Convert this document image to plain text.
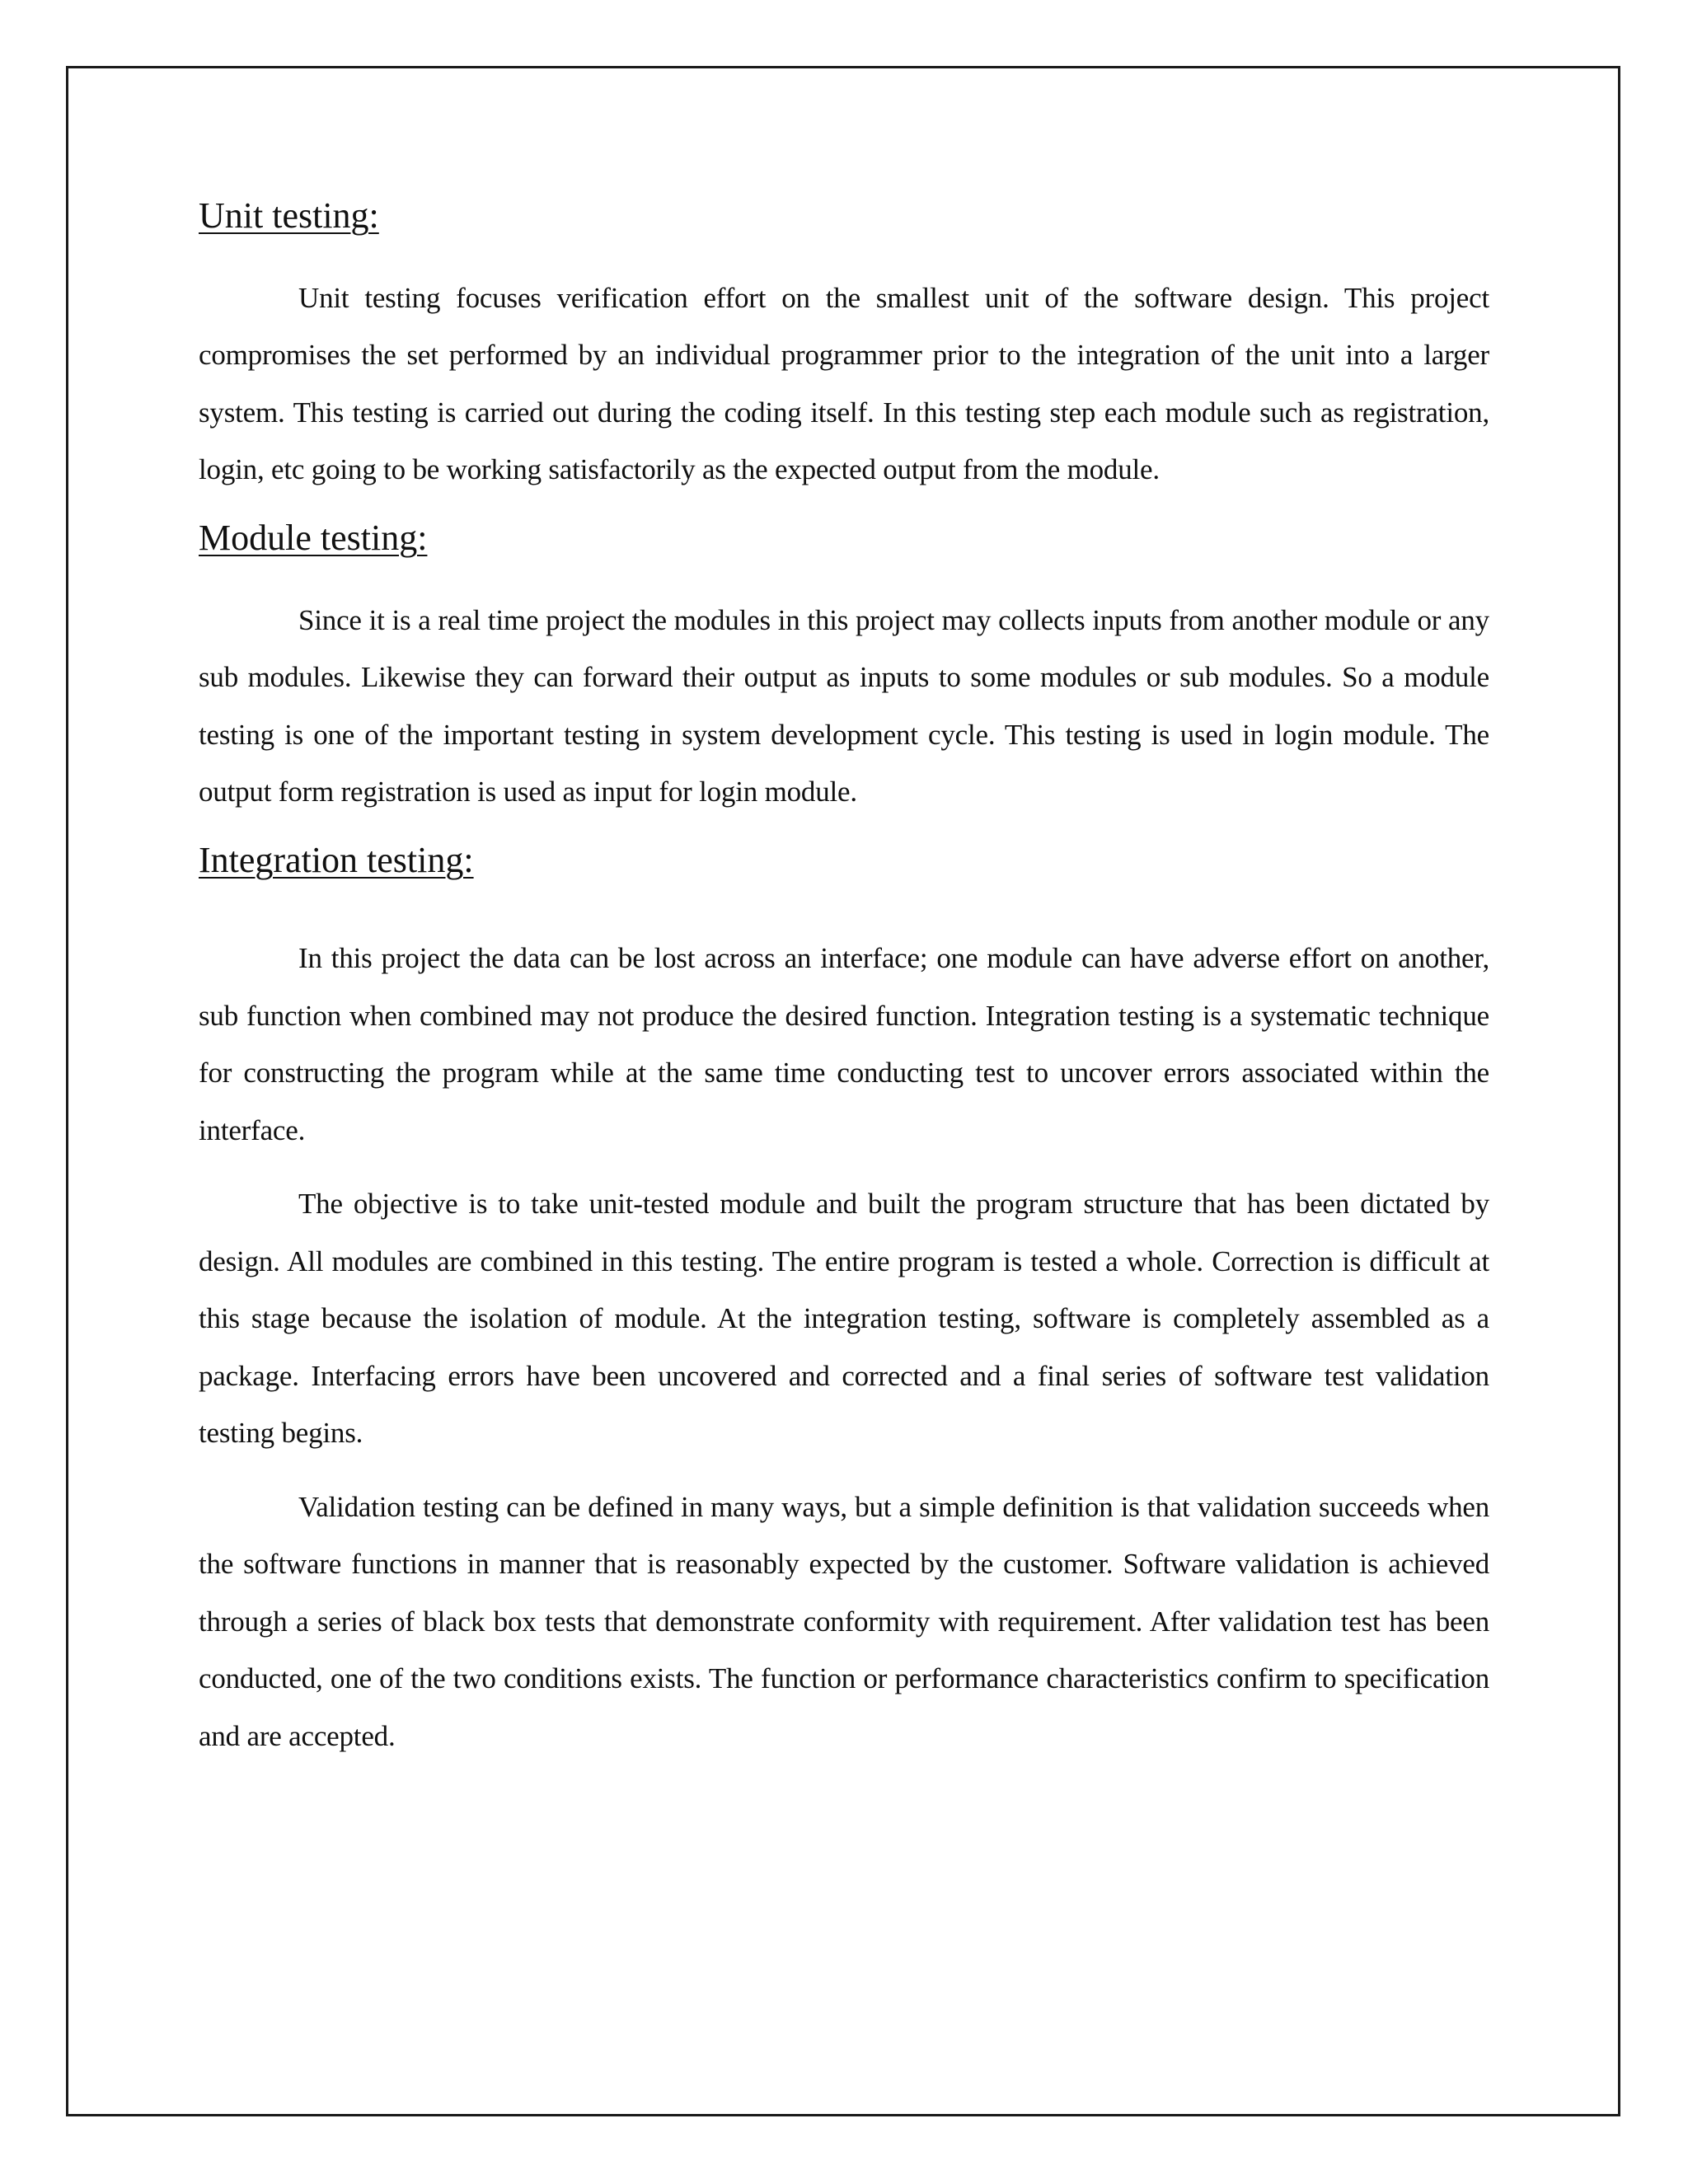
Unit testing:

Unit testing focuses verification effort on the smallest unit of the software design. This project compromises the set performed by an individual programmer prior to the integration of the unit into a larger system. This testing is carried out during the coding itself. In this testing step each module such as registration, login, etc going to be working satisfactorily as the expected output from the module.

Module testing:

Since it is a real time project the modules in this project may collects inputs from another module or any sub modules. Likewise they can forward their output as inputs to some modules or sub modules. So a module testing is one of the important testing in system development cycle. This testing is used in login module. The output form registration is used as input for login module.

Integration testing:

In this project the data can be lost across an interface; one module can have adverse effort on another, sub function when combined may not produce the desired function. Integration testing is a systematic technique for constructing the program while at the same time conducting test to uncover errors associated within the interface.

The objective is to take unit-tested module and built the program structure that has been dictated by design. All modules are combined in this testing. The entire program is tested a whole. Correction is difficult at this stage because the isolation of module. At the integration testing, software is completely assembled as a package. Interfacing errors have been uncovered and corrected and a final series of software test validation testing begins.

Validation testing can be defined in many ways, but a simple definition is that validation succeeds when the software functions in manner that is reasonably expected by the customer. Software validation is achieved through a series of black box tests that demonstrate conformity with requirement. After validation test has been conducted, one of the two conditions exists. The function or performance characteristics confirm to specification and are accepted.
